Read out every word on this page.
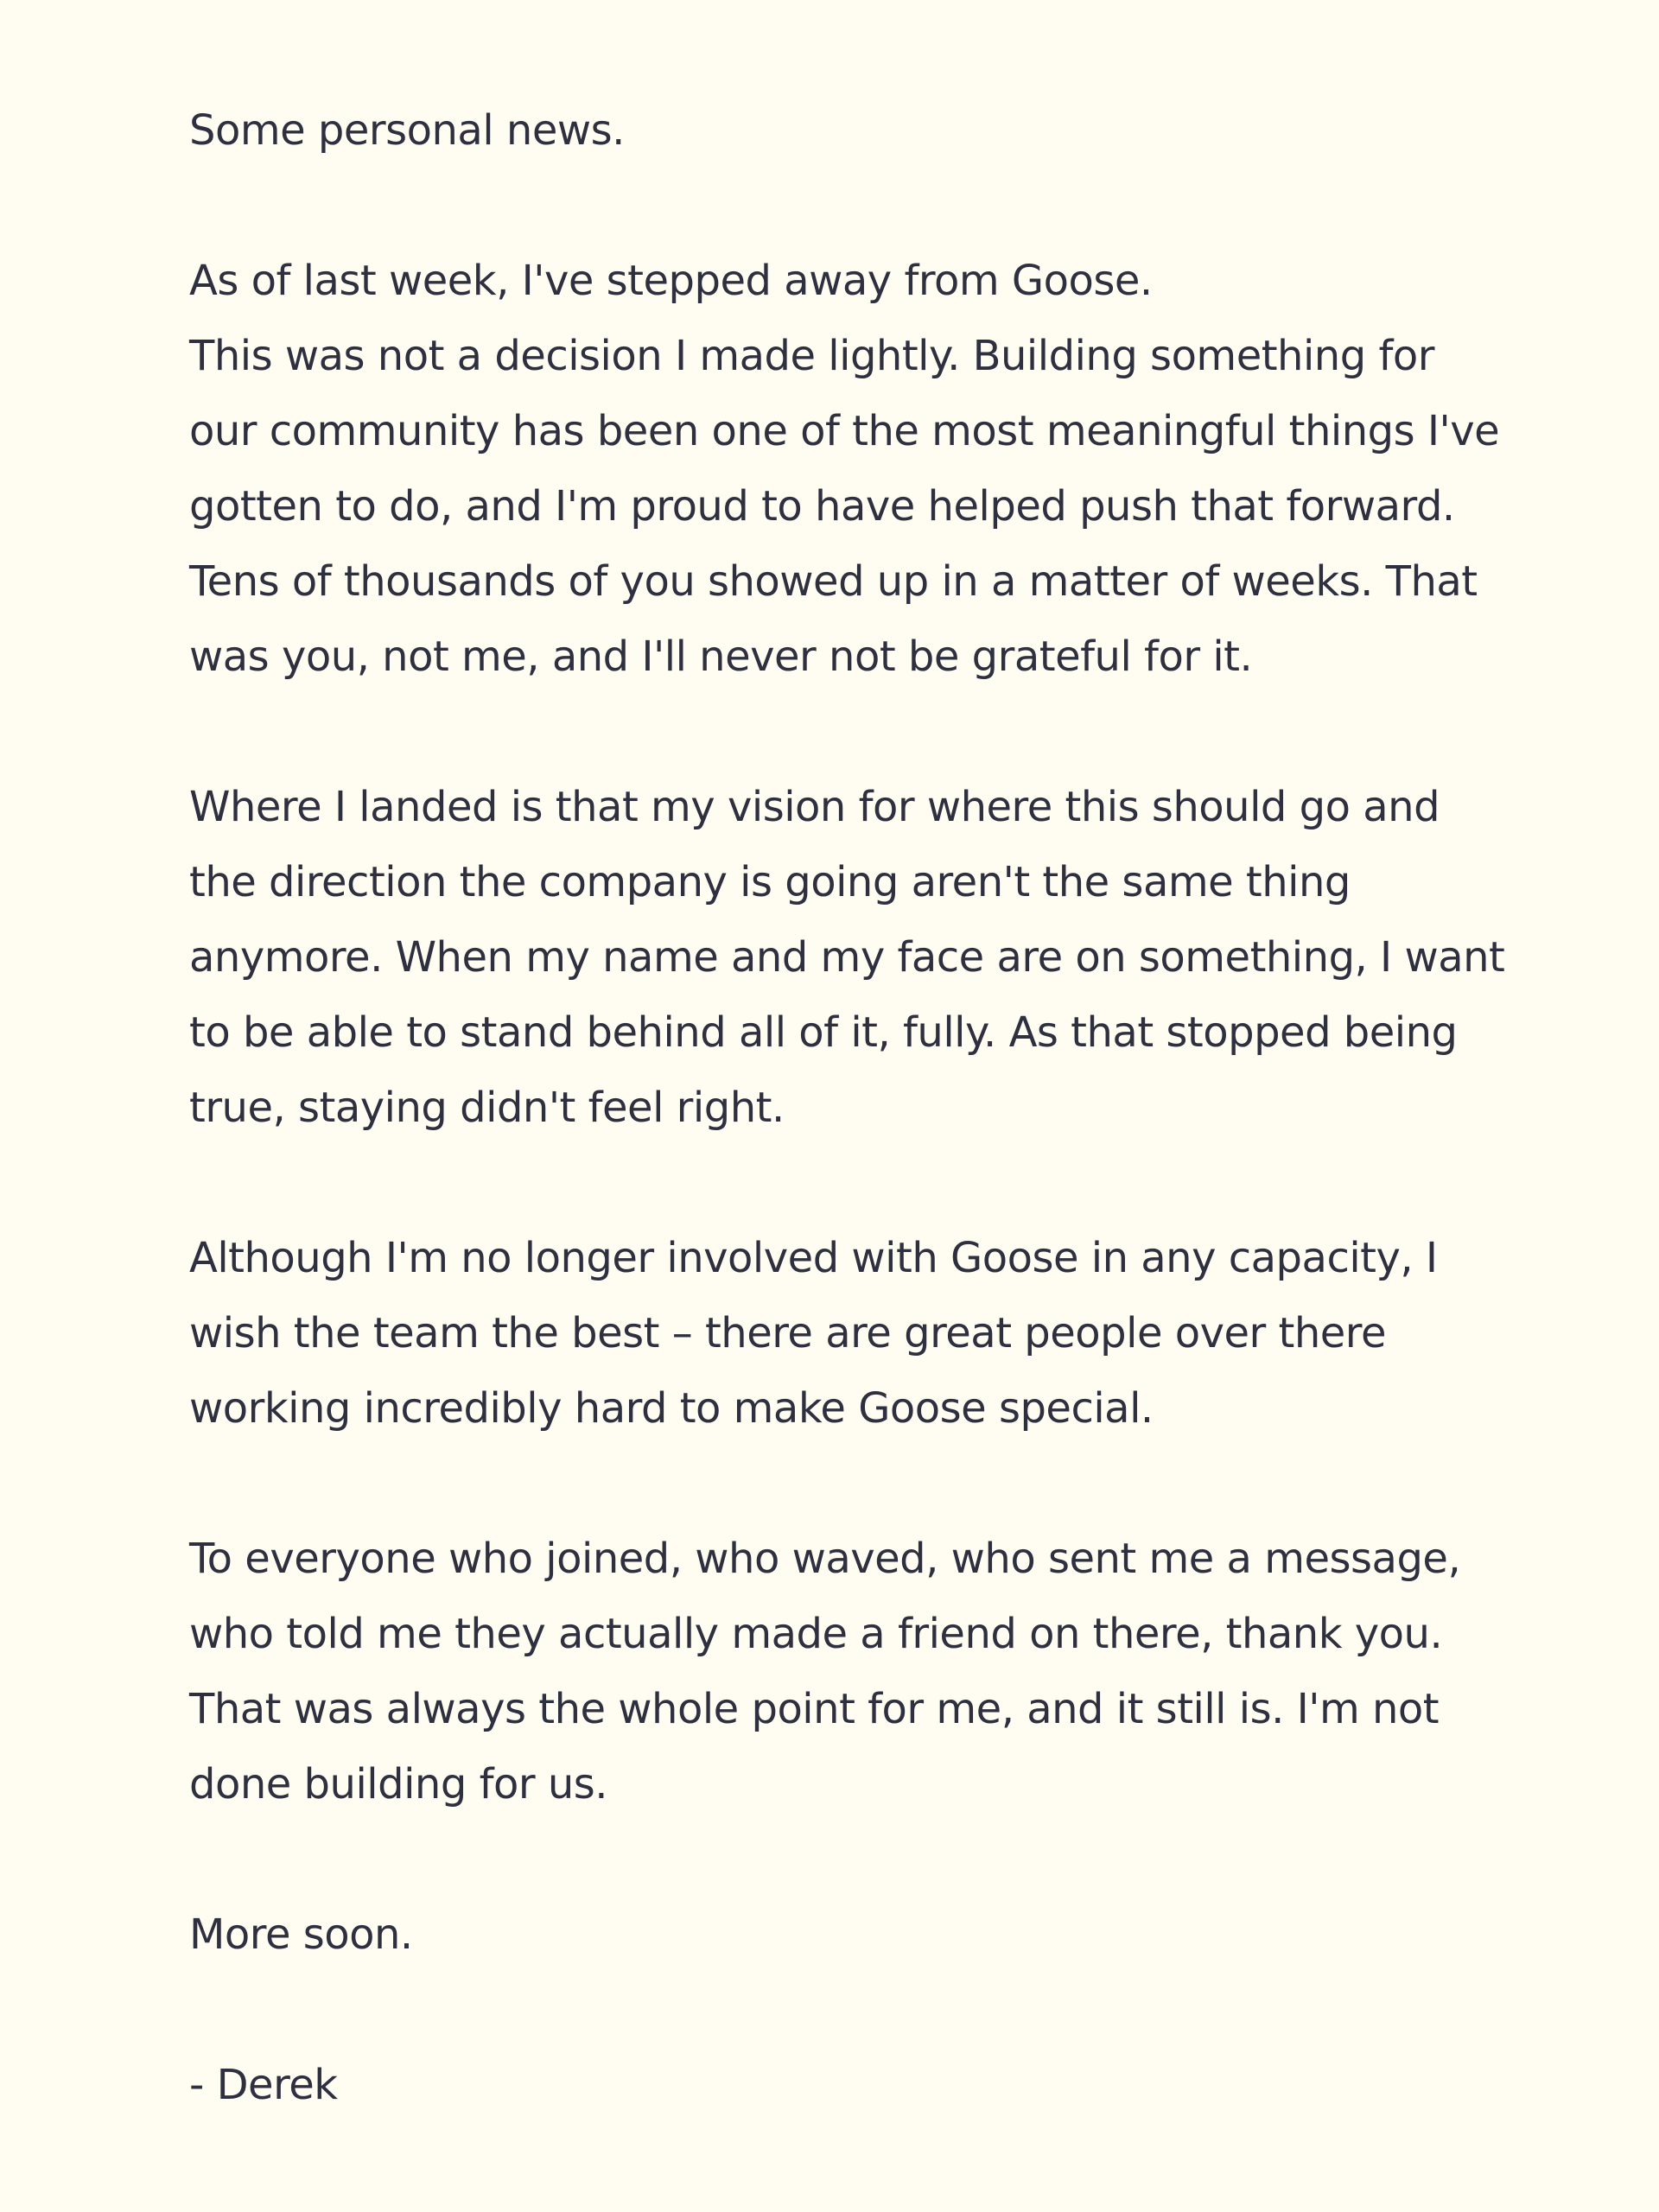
Some personal news.
As of last week, I've stepped away from Goose.
This was not a decision I made lightly. Building something for
our community has been one of the most meaningful things I've
gotten to do, and I'm proud to have helped push that forward.
Tens of thousands of you showed up in a matter of weeks. That
was you, not me, and I'll never not be grateful for it.
Where I landed is that my vision for where this should go and
the direction the company is going aren't the same thing
anymore. When my name and my face are on something, I want
to be able to stand behind all of it, fully. As that stopped being
true, staying didn't feel right.
Although I'm no longer involved with Goose in any capacity, I
wish the team the best – there are great people over there
working incredibly hard to make Goose special.
To everyone who joined, who waved, who sent me a message,
who told me they actually made a friend on there, thank you.
That was always the whole point for me, and it still is. I'm not
done building for us.
More soon.
- Derek
